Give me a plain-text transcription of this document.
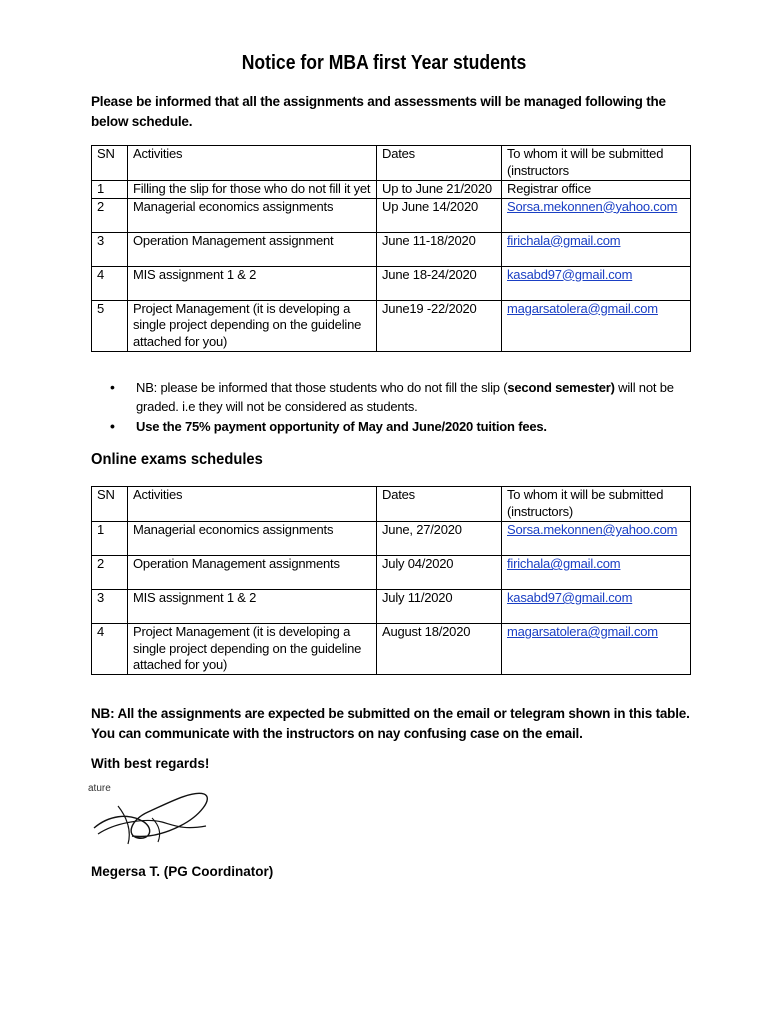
Notice for MBA first Year students
Please be informed that all the assignments and assessments will be managed following the below schedule.
SN	Activities	Dates	To whom it will be submitted (instructors
1	Filling the slip for those who do not fill it yet	Up to June 21/2020	Registrar office
2	Managerial economics assignments	Up June 14/2020	Sorsa.mekonnen@yahoo.com
3	Operation Management assignment	June 11-18/2020	firichala@gmail.com
4	MIS assignment 1 & 2	June 18-24/2020	kasabd97@gmail.com
5	Project Management (it is developing a single project depending on the guideline attached for you)	June19 -22/2020	magarsatolera@gmail.com
• NB: please be informed that those students who do not fill the slip (second semester) will not be graded. i.e they will not be considered as students.
• Use the 75% payment opportunity of May and June/2020 tuition fees.
Online exams schedules
SN	Activities	Dates	To whom it will be submitted (instructors)
1	Managerial economics assignments	June, 27/2020	Sorsa.mekonnen@yahoo.com
2	Operation Management assignments	July 04/2020	firichala@gmail.com
3	MIS assignment 1 & 2	July 11/2020	kasabd97@gmail.com
4	Project Management (it is developing a single project depending on the guideline attached for you)	August 18/2020	magarsatolera@gmail.com
NB: All the assignments are expected be submitted on the email or telegram shown in this table. You can communicate with the instructors on nay confusing case on the email.
With best regards!
ature
Megersa T. (PG Coordinator)
